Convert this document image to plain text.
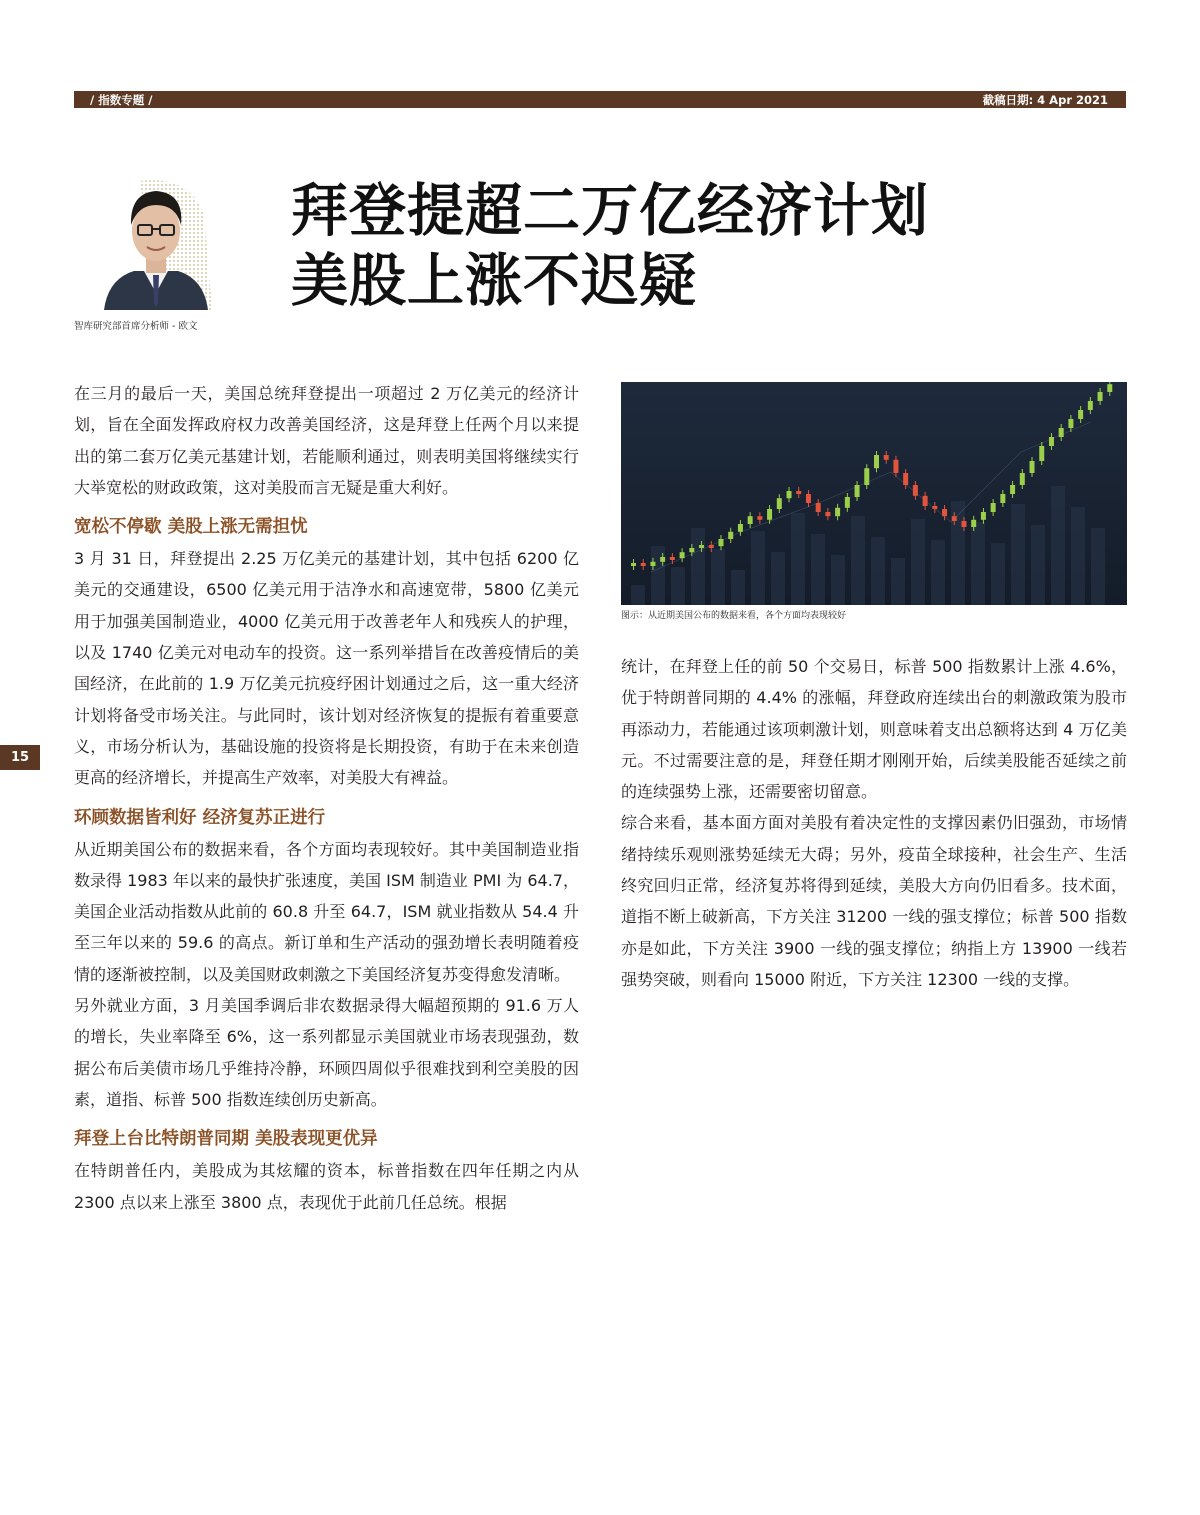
/ 指数专题 /	截稿日期: 4 Apr 2021
智库研究部首席分析师 - 欧文
拜登提超二万亿经济计划
美股上涨不迟疑

在三月的最后一天，美国总统拜登提出一项超过 2 万亿美元的经济计划，旨在全面发挥政府权力改善美国经济，这是拜登上任两个月以来提出的第二套万亿美元基建计划，若能顺利通过，则表明美国将继续实行大举宽松的财政政策，这对美股而言无疑是重大利好。

宽松不停歇 美股上涨无需担忧

3 月 31 日，拜登提出 2.25 万亿美元的基建计划，其中包括 6200 亿美元的交通建设，6500 亿美元用于洁净水和高速宽带，5800 亿美元用于加强美国制造业，4000 亿美元用于改善老年人和残疾人的护理，以及 1740 亿美元对电动车的投资。这一系列举措旨在改善疫情后的美国经济，在此前的 1.9 万亿美元抗疫纾困计划通过之后，这一重大经济计划将备受市场关注。与此同时，该计划对经济恢复的提振有着重要意义，市场分析认为，基础设施的投资将是长期投资，有助于在未来创造更高的经济增长，并提高生产效率，对美股大有裨益。

环顾数据皆利好 经济复苏正进行

从近期美国公布的数据来看，各个方面均表现较好。其中美国制造业指数录得 1983 年以来的最快扩张速度，美国 ISM 制造业 PMI 为 64.7，美国企业活动指数从此前的 60.8 升至 64.7，ISM 就业指数从 54.4 升至三年以来的 59.6 的高点。新订单和生产活动的强劲增长表明随着疫情的逐渐被控制，以及美国财政刺激之下美国经济复苏变得愈发清晰。

另外就业方面，3 月美国季调后非农数据录得大幅超预期的 91.6 万人的增长，失业率降至 6%，这一系列都显示美国就业市场表现强劲，数据公布后美债市场几乎维持冷静，环顾四周似乎很难找到利空美股的因素，道指、标普 500 指数连续创历史新高。

拜登上台比特朗普同期 美股表现更优异

在特朗普任内，美股成为其炫耀的资本，标普指数在四年任期之内从 2300 点以来上涨至 3800 点，表现优于此前几任总统。根据

统计，在拜登上任的前 50 个交易日，标普 500 指数累计上涨 4.6%，优于特朗普同期的 4.4% 的涨幅，拜登政府连续出台的刺激政策为股市再添动力，若能通过该项刺激计划，则意味着支出总额将达到 4 万亿美元。不过需要注意的是，拜登任期才刚刚开始，后续美股能否延续之前的连续强势上涨，还需要密切留意。

综合来看，基本面方面对美股有着决定性的支撑因素仍旧强劲，市场情绪持续乐观则涨势延续无大碍；另外，疫苗全球接种，社会生产、生活终究回归正常，经济复苏将得到延续，美股大方向仍旧看多。技术面，道指不断上破新高，下方关注 31200 一线的强支撑位；标普 500 指数亦是如此，下方关注 3900 一线的强支撑位；纳指上方 13900 一线若强势突破，则看向 15000 附近，下方关注 12300 一线的支撑。

15
图示：从近期美国公布的数据来看，各个方面均表现较好
